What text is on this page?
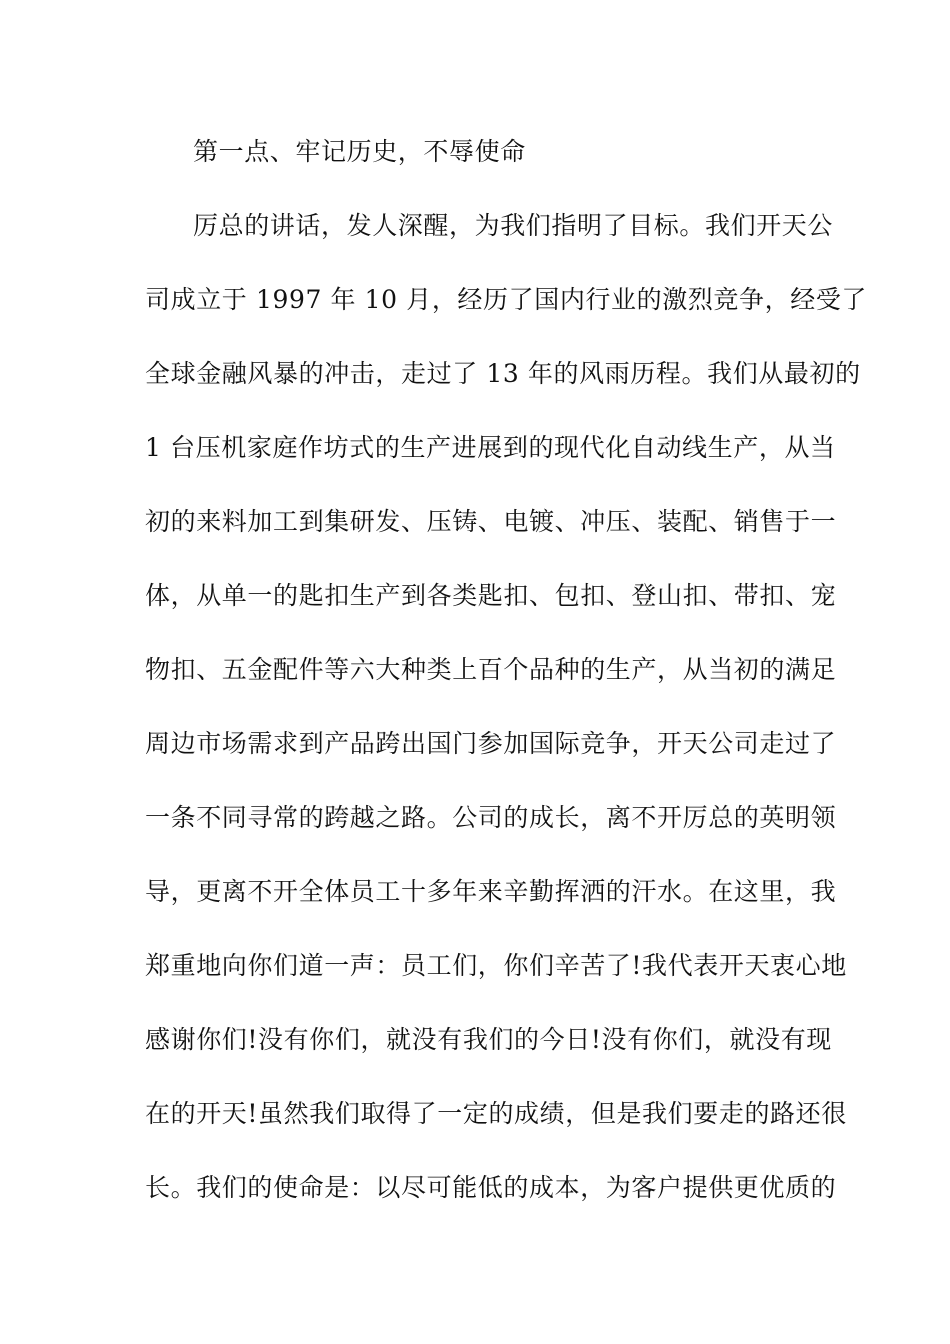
第一点、牢记历史，不辱使命
厉总的讲话，发人深醒，为我们指明了目标。我们开天公
司成立于 1997 年 10 月，经历了国内行业的激烈竞争，经受了
全球金融风暴的冲击，走过了 13 年的风雨历程。我们从最初的
1 台压机家庭作坊式的生产进展到的现代化自动线生产，从当
初的来料加工到集研发、压铸、电镀、冲压、装配、销售于一
体，从单一的匙扣生产到各类匙扣、包扣、登山扣、带扣、宠
物扣、五金配件等六大种类上百个品种的生产，从当初的满足
周边市场需求到产品跨出国门参加国际竞争，开天公司走过了
一条不同寻常的跨越之路。公司的成长，离不开厉总的英明领
导，更离不开全体员工十多年来辛勤挥洒的汗水。在这里，我
郑重地向你们道一声：员工们，你们辛苦了!我代表开天衷心地
感谢你们!没有你们，就没有我们的今日!没有你们，就没有现
在的开天!虽然我们取得了一定的成绩，但是我们要走的路还很
长。我们的使命是：以尽可能低的成本，为客户提供更优质的
